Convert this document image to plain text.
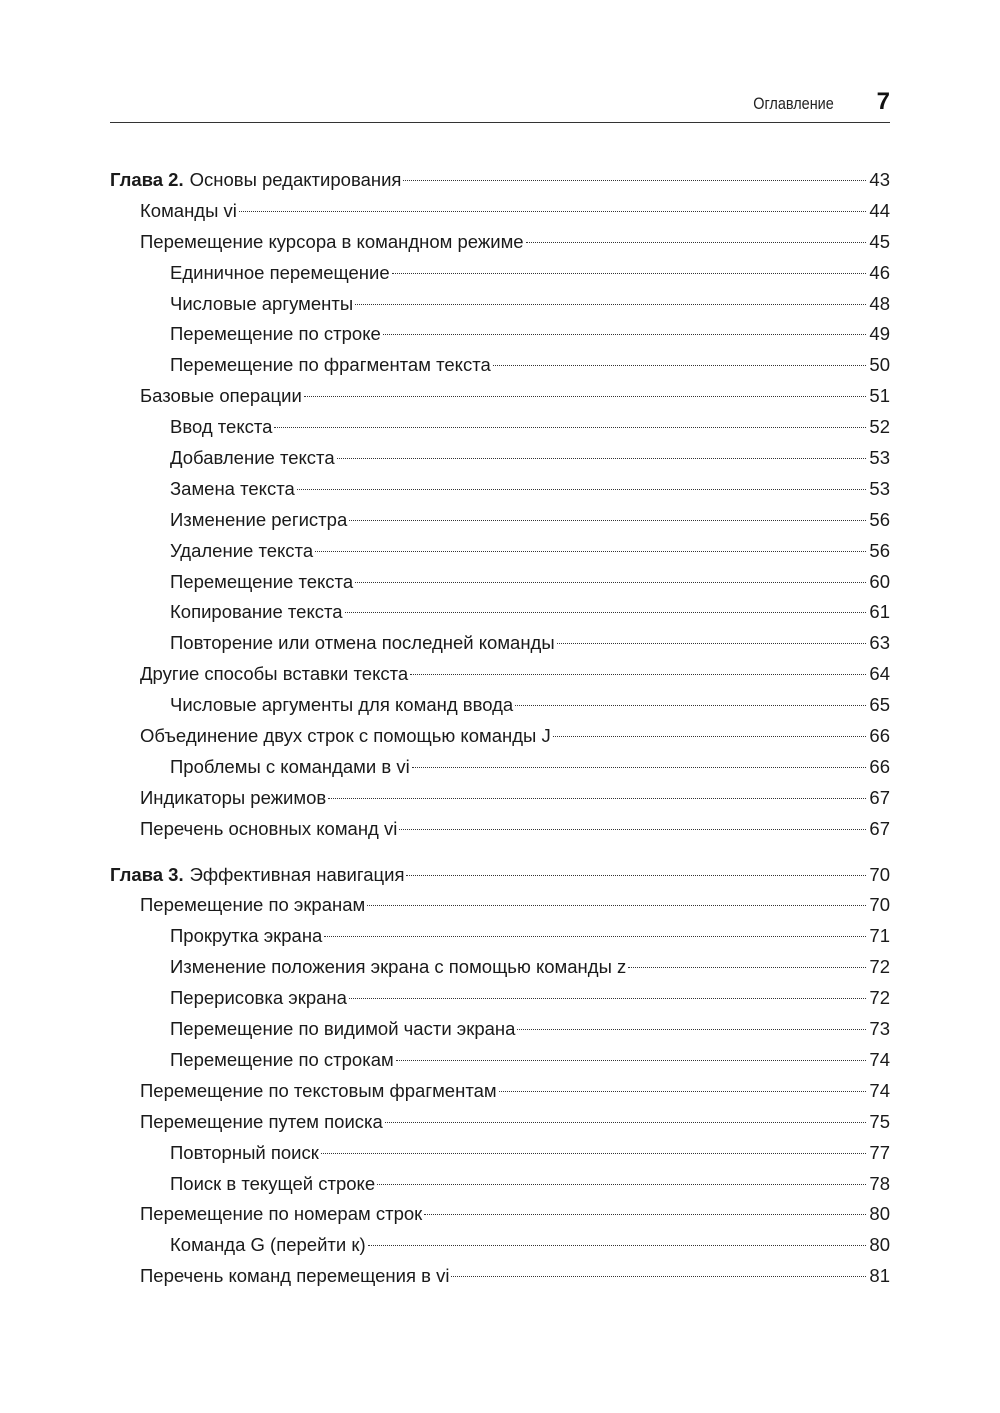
Оглавление 7
Глава 2. Основы редактирования	43
Команды vi	44
Перемещение курсора в командном режиме	45
Единичное перемещение	46
Числовые аргументы	48
Перемещение по строке	49
Перемещение по фрагментам текста	50
Базовые операции	51
Ввод текста	52
Добавление текста	53
Замена текста	53
Изменение регистра	56
Удаление текста	56
Перемещение текста	60
Копирование текста	61
Повторение или отмена последней команды	63
Другие способы вставки текста	64
Числовые аргументы для команд ввода	65
Объединение двух строк с помощью команды J	66
Проблемы с командами в vi	66
Индикаторы режимов	67
Перечень основных команд vi	67
Глава 3. Эффективная навигация	70
Перемещение по экранам	70
Прокрутка экрана	71
Изменение положения экрана с помощью команды z	72
Перерисовка экрана	72
Перемещение по видимой части экрана	73
Перемещение по строкам	74
Перемещение по текстовым фрагментам	74
Перемещение путем поиска	75
Повторный поиск	77
Поиск в текущей строке	78
Перемещение по номерам строк	80
Команда G (перейти к)	80
Перечень команд перемещения в vi	81
